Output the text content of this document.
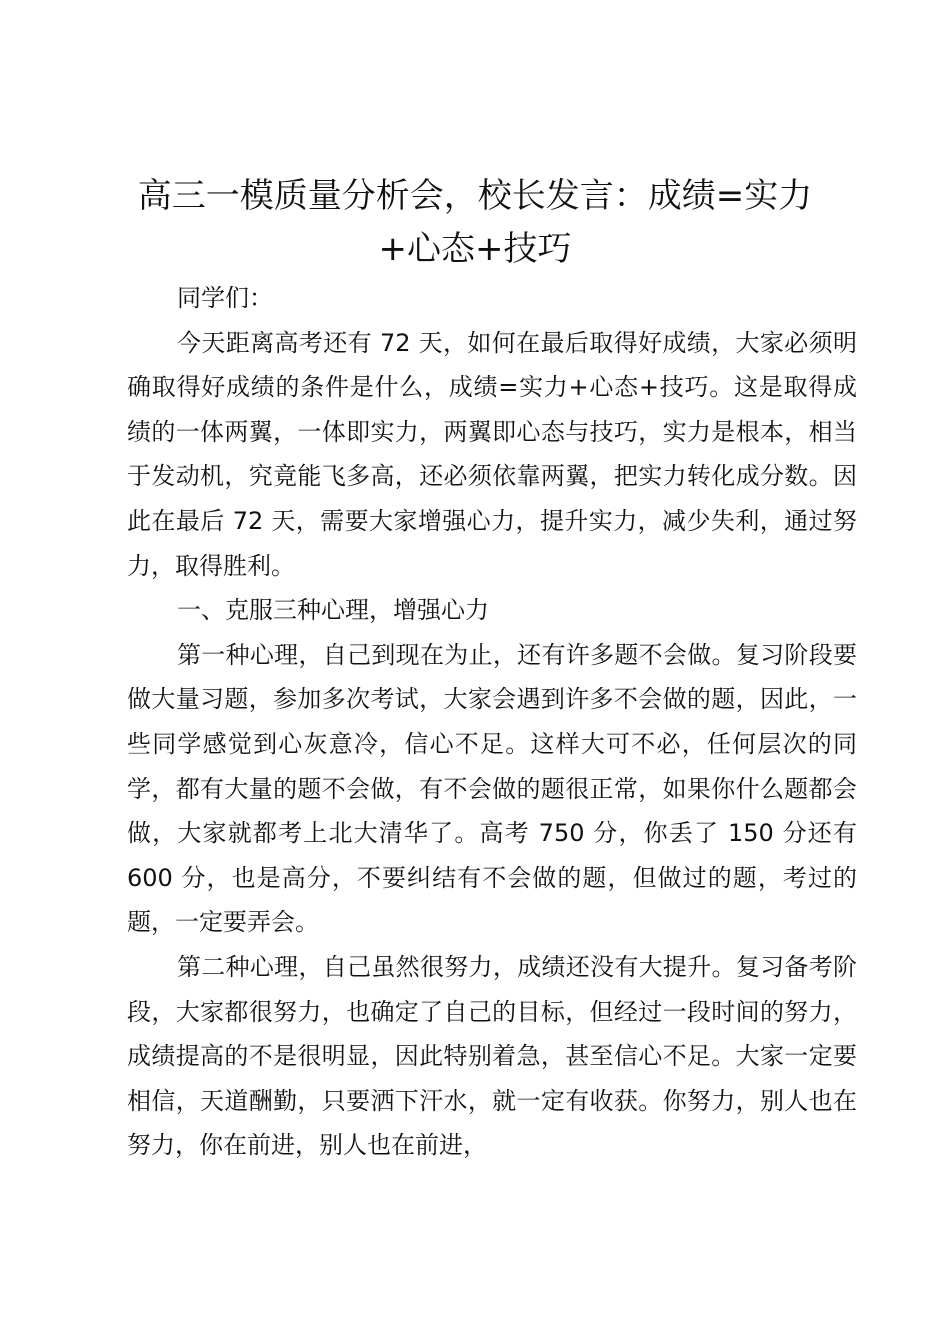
高三一模质量分析会，校长发言：成绩=实力+心态+技巧

同学们：

今天距离高考还有 72 天，如何在最后取得好成绩，大家必须明确取得好成绩的条件是什么，成绩=实力+心态+技巧。这是取得成绩的一体两翼，一体即实力，两翼即心态与技巧，实力是根本，相当于发动机，究竟能飞多高，还必须依靠两翼，把实力转化成分数。因此在最后 72 天，需要大家增强心力，提升实力，减少失利，通过努力，取得胜利。

一、克服三种心理，增强心力

第一种心理，自己到现在为止，还有许多题不会做。复习阶段要做大量习题，参加多次考试，大家会遇到许多不会做的题，因此，一些同学感觉到心灰意冷，信心不足。这样大可不必，任何层次的同学，都有大量的题不会做，有不会做的题很正常，如果你什么题都会做，大家就都考上北大清华了。高考 750 分，你丢了 150 分还有 600 分，也是高分，不要纠结有不会做的题，但做过的题，考过的题，一定要弄会。

第二种心理，自己虽然很努力，成绩还没有大提升。复习备考阶段，大家都很努力，也确定了自己的目标，但经过一段时间的努力，成绩提高的不是很明显，因此特别着急，甚至信心不足。大家一定要相信，天道酬勤，只要洒下汗水，就一定有收获。你努力，别人也在努力，你在前进，别人也在前进，
